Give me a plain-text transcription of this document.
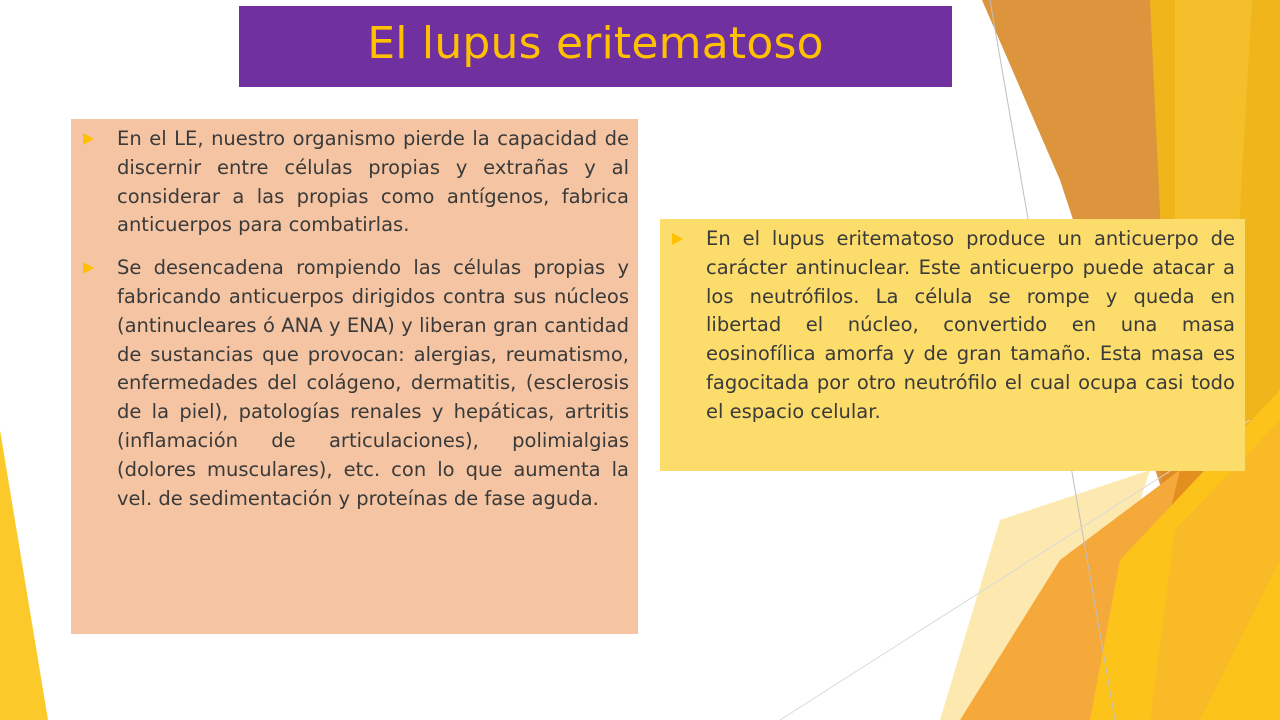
El lupus eritematoso

En el LE, nuestro organismo pierde la capacidad de discernir entre células propias y extrañas y al considerar a las propias como antígenos, fabrica anticuerpos para combatirlas.

Se desencadena rompiendo las células propias y fabricando anticuerpos dirigidos contra sus núcleos (antinucleares ó ANA y ENA) y liberan gran cantidad de sustancias que provocan: alergias, reumatismo, enfermedades del colágeno, dermatitis, (esclerosis de la piel), patologías renales y hepáticas, artritis (inflamación de articulaciones), polimialgias (dolores musculares), etc. con lo que aumenta la vel. de sedimentación y proteínas de fase aguda.

En el lupus eritematoso produce un anticuerpo de carácter antinuclear. Este anticuerpo puede atacar a los neutrófilos. La célula se rompe y queda en libertad el núcleo, convertido en una masa eosinofílica amorfa y de gran tamaño. Esta masa es fagocitada por otro neutrófilo el cual ocupa casi todo el espacio celular.
